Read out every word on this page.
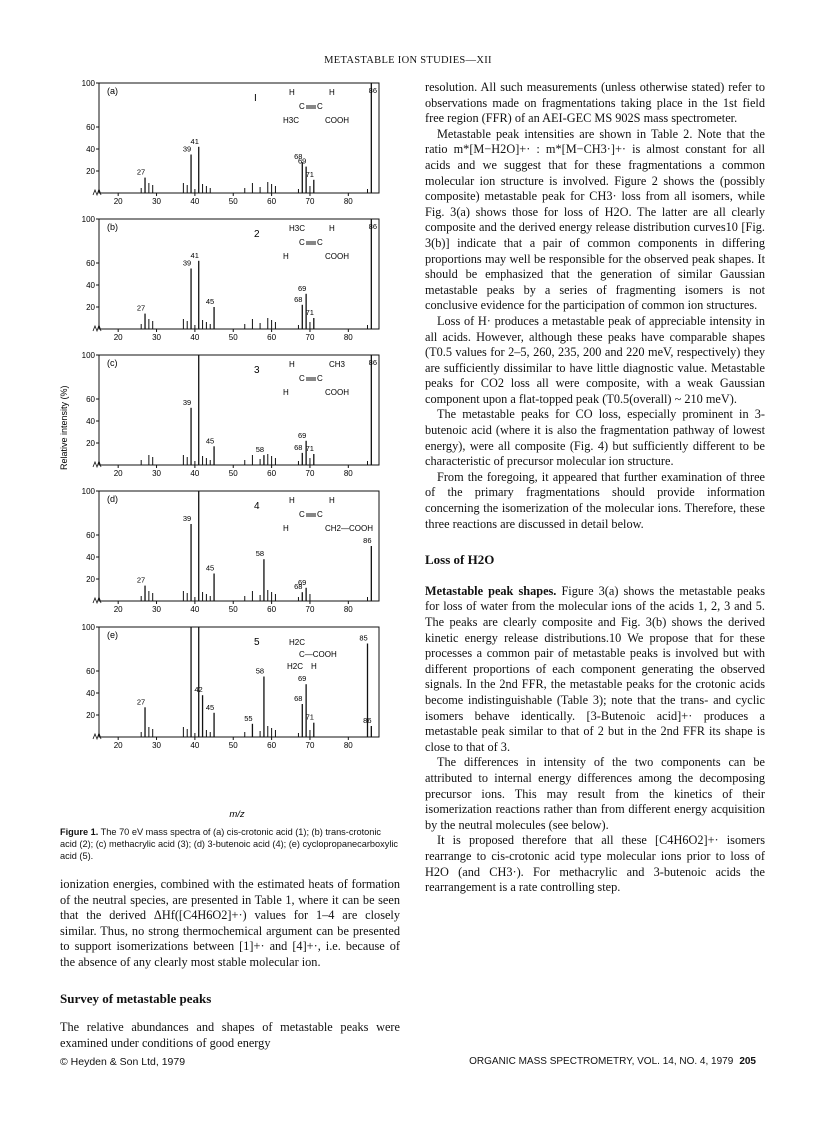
METASTABLE ION STUDIES—XII
Relative intensity (%)
100
60
40
20
20	30	40	50	60	70	80
27
39
41
68
69
71
(a)
I
86
H	H
C C
H3C	COOH
100
60
40
20
20	30	40	50	60	70	80
27
39
41
45	68
69
71
(b)
2
86
H3C	H
C C
H	COOH
100
60
40
20
20	30	40	50	60	70	80
39
45
58	68
69
71
(c)
3
86
H	CH3
C C
H	COOH
100
60
40
20
20	30	40	50	60	70	80
27
39
45
58
68
69
86
(d)
4
H	H
C C
H	CH2—COOH
100
60
40
20
20	30	40	50	60	70	80
27
42
45
55
58
68
69
71
85
86
(e)
5	H2C
C—COOH
H2C H
m/z
Figure 1. The 70 eV mass spectra of (a) cis-crotonic acid (1); (b) trans-crotonic acid (2); (c) methacrylic acid (3); (d) 3-butenoic acid (4); (e) cyclopropanecarboxylic acid (5).

ionization energies, combined with the estimated heats of formation of the neutral species, are presented in Table 1, where it can be seen that the derived ΔHf([C4H6O2]+·) values for 1–4 are closely similar. Thus, no strong thermochemical argument can be presented to support isomerizations between [1]+· and [4]+·, i.e. because of the absence of any clearly most stable molecular ion.

Survey of metastable peaks

The relative abundances and shapes of metastable peaks were examined under conditions of good energy

resolution. All such measurements (unless otherwise stated) refer to observations made on fragmentations taking place in the 1st field free region (FFR) of an AEI-GEC MS 902S mass spectrometer.

Metastable peak intensities are shown in Table 2. Note that the ratio m*[M−H2O]+· : m*[M−CH3·]+· is almost constant for all acids and we suggest that for these fragmentations a common molecular ion structure is involved. Figure 2 shows the (possibly composite) metastable peak for CH3· loss from all isomers, while Fig. 3(a) shows those for loss of H2O. The latter are all clearly composite and the derived energy release distribution curves10 [Fig. 3(b)] indicate that a pair of common components in differing proportions may well be responsible for the observed peak shapes. It should be emphasized that the generation of similar Gaussian metastable peaks by a series of fragmenting isomers is not conclusive evidence for the participation of common ion structures.

Loss of H· produces a metastable peak of appreciable intensity in all acids. However, although these peaks have comparable shapes (T0.5 values for 2–5, 260, 235, 200 and 220 meV, respectively) they are sufficiently dissimilar to have little diagnostic value. Metastable peaks for CO2 loss all were composite, with a weak Gaussian component upon a flat-topped peak (T0.5(overall) ~ 210 meV).

The metastable peaks for CO loss, especially prominent in 3-butenoic acid (where it is also the fragmentation pathway of lowest energy), were all composite (Fig. 4) but sufficiently different to be characteristic of precursor molecular ion structure.

From the foregoing, it appeared that further examination of three of the primary fragmentations should provide information concerning the isomerization of the molecular ions. Therefore, these three reactions are discussed in detail below.

Loss of H2O

Metastable peak shapes. Figure 3(a) shows the metastable peaks for loss of water from the molecular ions of the acids 1, 2, 3 and 5. The peaks are clearly composite and Fig. 3(b) shows the derived kinetic energy release distributions.10 We propose that for these processes a common pair of metastable peaks is involved but with different proportions of each component generating the observed signals. In the 2nd FFR, the metastable peaks for the crotonic acids become indistinguishable (Table 3); note that the trans- and cyclic isomers behave identically. [3-Butenoic acid]+· produces a metastable peak similar to that of 2 but in the 2nd FFR its shape is close to that of 3.

The differences in intensity of the two components can be attributed to internal energy differences among the decomposing precursor ions. This may result from the kinetics of their isomerization reactions rather than from different energy acquisition by the neutral molecules (see below).

It is proposed therefore that all these [C4H6O2]+· isomers rearrange to cis-crotonic acid type molecular ions prior to loss of H2O (and CH3·). For methacrylic and 3-butenoic acids the rearrangement is a rate controlling step.

© Heyden & Son Ltd, 1979	ORGANIC MASS SPECTROMETRY, VOL. 14, NO. 4, 1979 205
